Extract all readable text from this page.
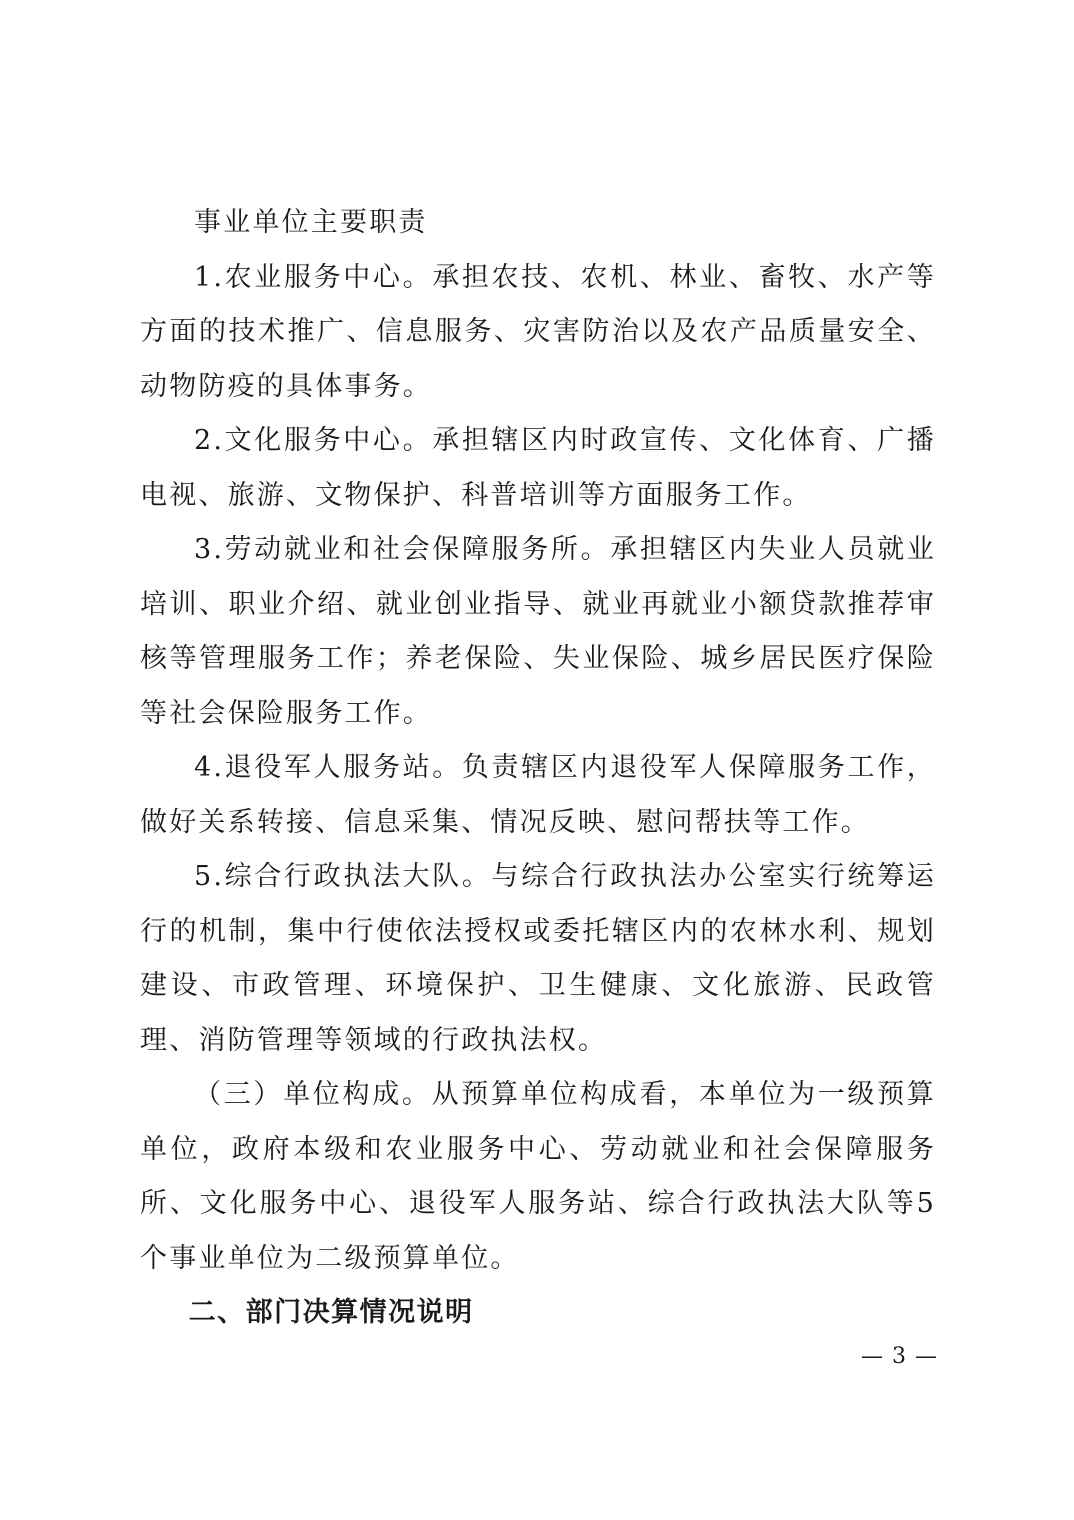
事业单位主要职责

1.农业服务中心。承担农技、农机、林业、畜牧、水产等方面的技术推广、信息服务、灾害防治以及农产品质量安全、动物防疫的具体事务。

2.文化服务中心。承担辖区内时政宣传、文化体育、广播电视、旅游、文物保护、科普培训等方面服务工作。

3.劳动就业和社会保障服务所。承担辖区内失业人员就业培训、职业介绍、就业创业指导、就业再就业小额贷款推荐审核等管理服务工作；养老保险、失业保险、城乡居民医疗保险等社会保险服务工作。

4.退役军人服务站。负责辖区内退役军人保障服务工作，做好关系转接、信息采集、情况反映、慰问帮扶等工作。

5.综合行政执法大队。与综合行政执法办公室实行统筹运行的机制，集中行使依法授权或委托辖区内的农林水利、规划建设、市政管理、环境保护、卫生健康、文化旅游、民政管理、消防管理等领域的行政执法权。

（三）单位构成。从预算单位构成看，本单位为一级预算单位，政府本级和农业服务中心、劳动就业和社会保障服务所、文化服务中心、退役军人服务站、综合行政执法大队等5个事业单位为二级预算单位。

二、部门决算情况说明

— 3 —
